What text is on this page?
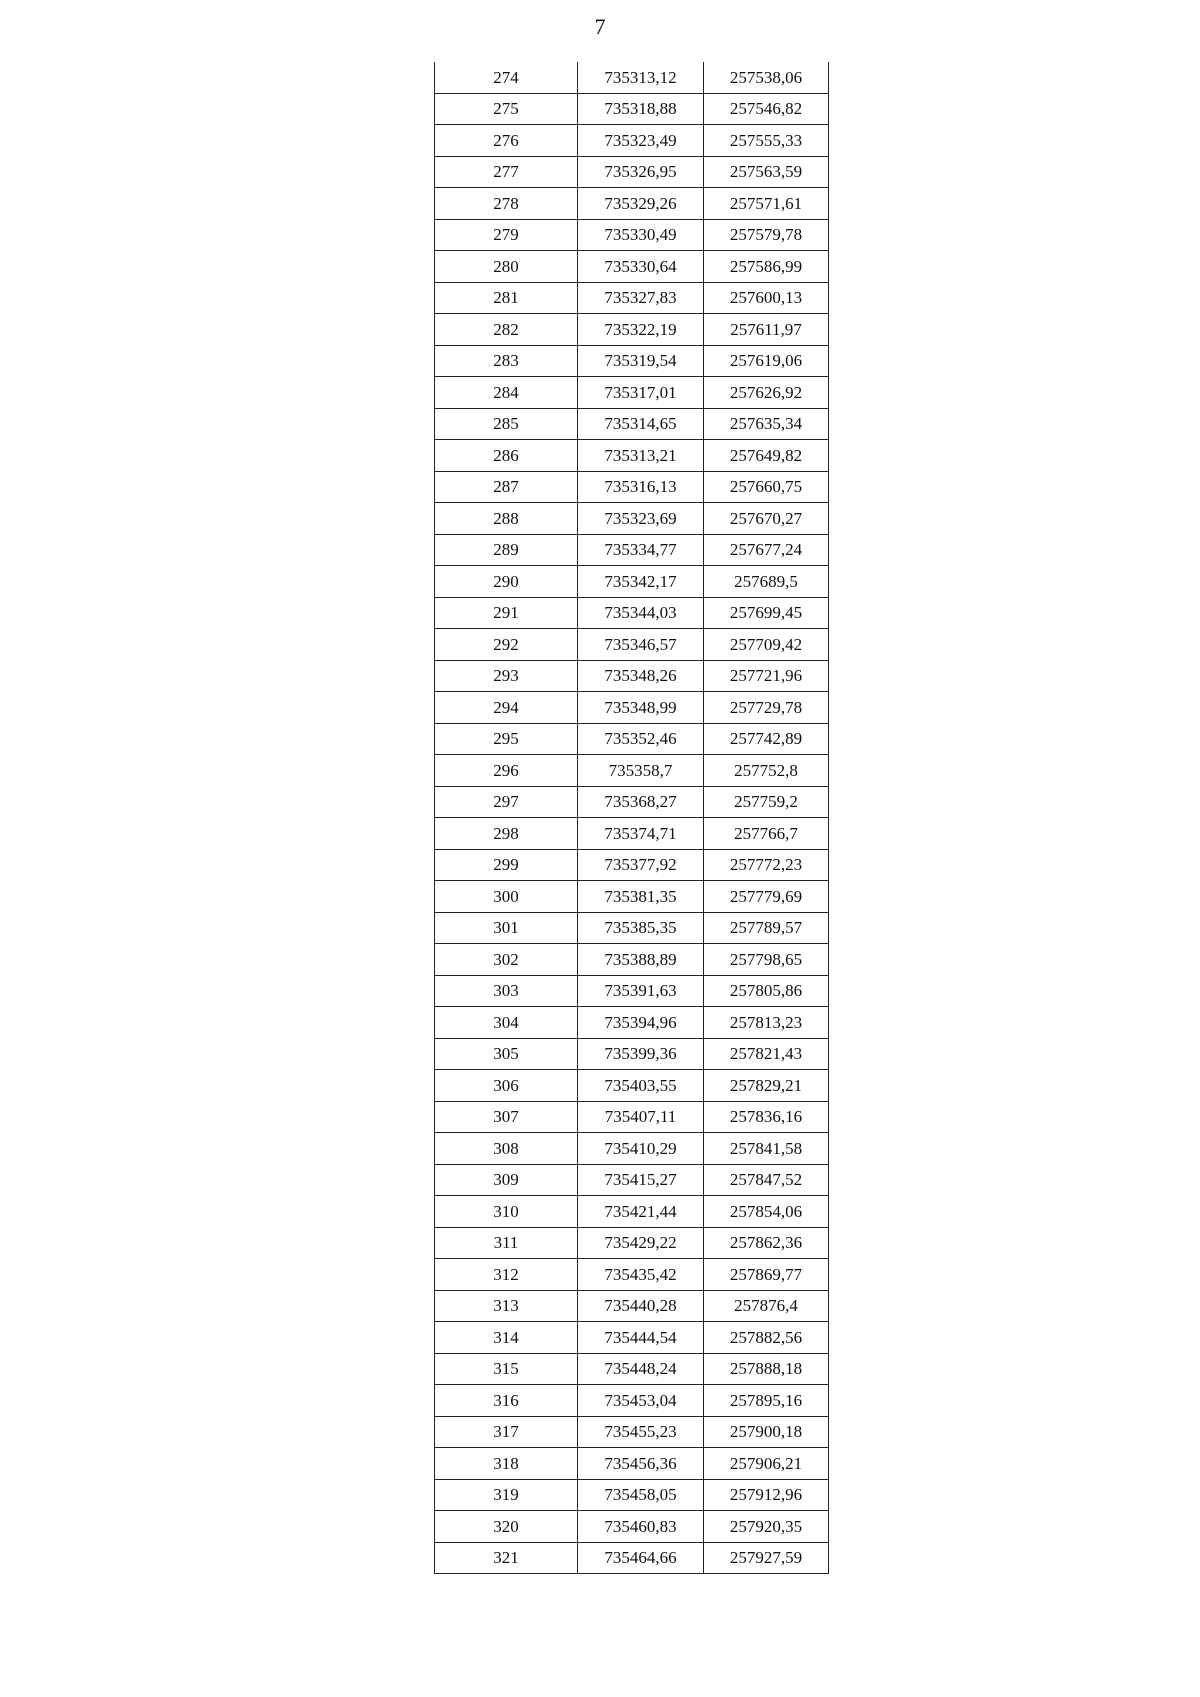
7
274	735313,12	257538,06
275	735318,88	257546,82
276	735323,49	257555,33
277	735326,95	257563,59
278	735329,26	257571,61
279	735330,49	257579,78
280	735330,64	257586,99
281	735327,83	257600,13
282	735322,19	257611,97
283	735319,54	257619,06
284	735317,01	257626,92
285	735314,65	257635,34
286	735313,21	257649,82
287	735316,13	257660,75
288	735323,69	257670,27
289	735334,77	257677,24
290	735342,17	257689,5
291	735344,03	257699,45
292	735346,57	257709,42
293	735348,26	257721,96
294	735348,99	257729,78
295	735352,46	257742,89
296	735358,7	257752,8
297	735368,27	257759,2
298	735374,71	257766,7
299	735377,92	257772,23
300	735381,35	257779,69
301	735385,35	257789,57
302	735388,89	257798,65
303	735391,63	257805,86
304	735394,96	257813,23
305	735399,36	257821,43
306	735403,55	257829,21
307	735407,11	257836,16
308	735410,29	257841,58
309	735415,27	257847,52
310	735421,44	257854,06
311	735429,22	257862,36
312	735435,42	257869,77
313	735440,28	257876,4
314	735444,54	257882,56
315	735448,24	257888,18
316	735453,04	257895,16
317	735455,23	257900,18
318	735456,36	257906,21
319	735458,05	257912,96
320	735460,83	257920,35
321	735464,66	257927,59
